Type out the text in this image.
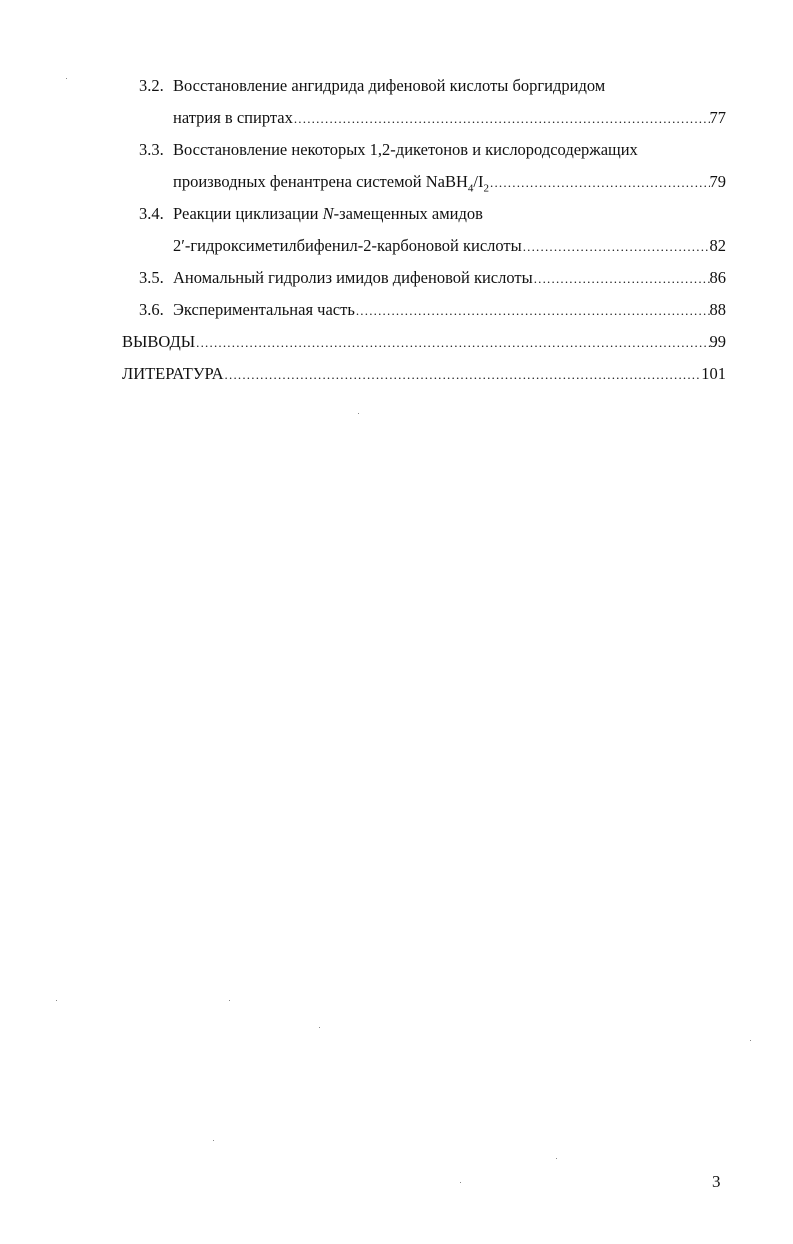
3.2. Восстановление ангидрида дифеновой кислоты боргидридом
натрия в спиртах .....	77
3.3. Восстановление некоторых 1,2-дикетонов и кислородсодержащих
производных фенантрена системой $NaBH_4/I_2$ .....	79
3.4. Реакции циклизации N-замещенных амидов
2′-гидроксиметилбифенил-2-карбоновой кислоты .....	82
3.5. Аномальный гидролиз имидов дифеновой кислоты .....	86
3.6. Экспериментальная часть .....	88
ВЫВОДЫ .....	99
ЛИТЕРАТУРА .....	101
3
